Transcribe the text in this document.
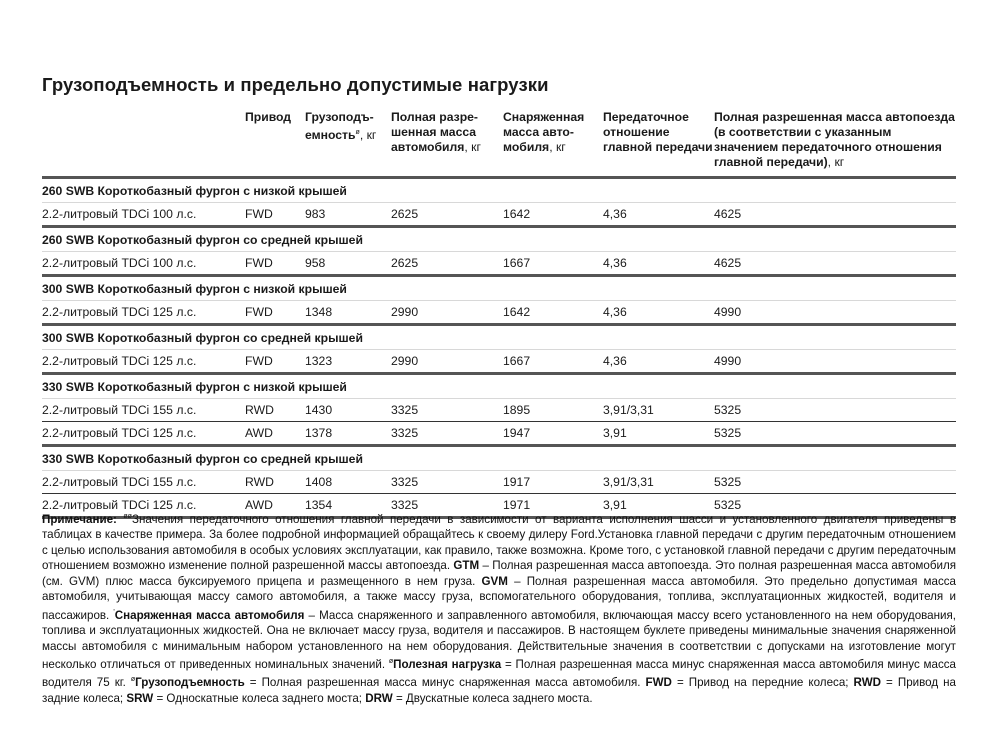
Грузоподъемность и предельно допустимые нагрузки
	Привод	Грузоподъ-емность$^ø$, кг	Полная разре-шенная масса автомобиля, кг	Снаряженная масса авто-мобиля, кг	Передаточное отношение главной передачи	Полная разрешенная масса автопоезда (в соответствии с указанным значением передаточного отношения главной передачи), кг
260 SWB Короткобазный фургон с низкой крышей						
2.2-литровый TDCi 100 л.с.	FWD	983	2625	1642	4,36	4625
260 SWB Короткобазный фургон со средней крышей						
2.2-литровый TDCi 100 л.с.	FWD	958	2625	1667	4,36	4625
300 SWB Короткобазный фургон с низкой крышей						
2.2-литровый TDCi 125 л.с.	FWD	1348	2990	1642	4,36	4990
300 SWB Короткобазный фургон со средней крышей						
2.2-литровый TDCi 125 л.с.	FWD	1323	2990	1667	4,36	4990
330 SWB Короткобазный фургон с низкой крышей						
2.2-литровый TDCi 155 л.с.	RWD	1430	3325	1895	3,91/3,31	5325
2.2-литровый TDCi 125 л.с.	AWD	1378	3325	1947	3,91	5325
330 SWB Короткобазный фургон со средней крышей						
2.2-литровый TDCi 155 л.с.	RWD	1408	3325	1917	3,91/3,31	5325
2.2-литровый TDCi 125 л.с.	AWD	1354	3325	1971	3,91	5325
Примечание: $^{øø}$Значения передаточного отношения главной передачи в зависимости от варианта исполнения шасси и установленного двигателя приведены в таблицах в качестве примера. За более подробной информацией обращайтесь к своему дилеру Ford.Установка главной передачи с другим передаточным отношением с целью использования автомобиля в особых условиях эксплуатации, как правило, также возможна. Кроме того, с установкой главной передачи с другим передаточным отношением возможно изменение полной разрешенной массы автопоезда. GTM – Полная разрешенная масса автопоезда. Это полная разрешенная масса автомобиля (см. GVM) плюс масса буксируемого прицепа и размещенного в нем груза. GVM – Полная разрешенная масса автомобиля. Это предельно допустимая масса автомобиля, учитывающая массу самого автомобиля, а также массу груза, вспомогательного оборудования, топлива, эксплуатационных жидкостей, водителя и пассажиров. 'Снаряженная масса автомобиля – Масса снаряженного и заправленного автомобиля, включающая массу всего установленного на нем оборудования, топлива и эксплуатационных жидкостей. Она не включает массу груза, водителя и пассажиров. В настоящем буклете приведены минимальные значения снаряженной массы автомобиля с минимальным набором установленного на нем оборудования. Действительные значения в соответствии с допусками на изготовление могут несколько отличаться от приведенных номинальных значений. $^ø$Полезная нагрузка = Полная разрешенная масса минус снаряженная масса автомобиля минус масса водителя 75 кг. $^ø$Грузоподъемность = Полная разрешенная масса минус снаряженная масса автомобиля. FWD = Привод на передние колеса; RWD = Привод на задние колеса; SRW = Односкатные колеса заднего моста; DRW = Двускатные колеса заднего моста.
